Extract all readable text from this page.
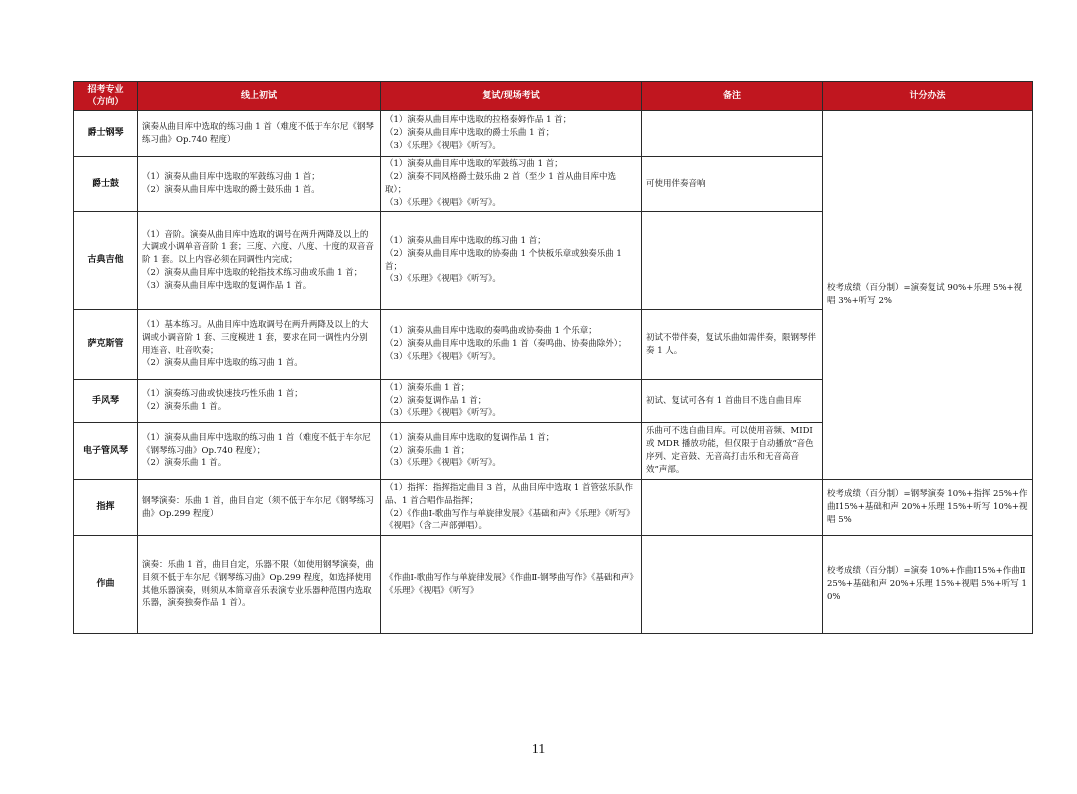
招考专业
（方向）	线上初试	复试/现场考试	备注	计分办法
爵士钢琴	演奏从曲目库中选取的练习曲 1 首（难度不低于车尔尼《钢琴练习曲》Op.740 程度）	（1）演奏从曲目库中选取的拉格泰姆作品 1 首；
（2）演奏从曲目库中选取的爵士乐曲 1 首；
（3）《乐理》《视唱》《听写》。		校考成绩（百分制）=演奏复试 90%+乐理 5%+视唱 3%+听写 2%
爵士鼓	（1）演奏从曲目库中选取的军鼓练习曲 1 首；
（2）演奏从曲目库中选取的爵士鼓乐曲 1 首。	（1）演奏从曲目库中选取的军鼓练习曲 1 首；
（2）演奏不同风格爵士鼓乐曲 2 首（至少 1 首从曲目库中选取）；
（3）《乐理》《视唱》《听写》。	可使用伴奏音响	
古典吉他	（1）音阶。演奏从曲目库中选取的调号在两升两降及以上的大调或小调单音音阶 1 套；三度、六度、八度、十度的双音音阶 1 套。以上内容必须在同调性内完成；
（2）演奏从曲目库中选取的轮指技术练习曲或乐曲 1 首；
（3）演奏从曲目库中选取的复调作品 1 首。	（1）演奏从曲目库中选取的练习曲 1 首；
（2）演奏从曲目库中选取的协奏曲 1 个快板乐章或独奏乐曲 1 首；
（3）《乐理》《视唱》《听写》。		
萨克斯管	（1）基本练习。从曲目库中选取调号在两升两降及以上的大调或小调音阶 1 套、三度模进 1 套，要求在同一调性内分别用连音、吐音吹奏；
（2）演奏从曲目库中选取的练习曲 1 首。	（1）演奏从曲目库中选取的奏鸣曲或协奏曲 1 个乐章；
（2）演奏从曲目库中选取的乐曲 1 首（奏鸣曲、协奏曲除外）；
（3）《乐理》《视唱》《听写》。	初试不带伴奏，复试乐曲如需伴奏，限钢琴伴奏 1 人。	
手风琴	（1）演奏练习曲或快速技巧性乐曲 1 首；
（2）演奏乐曲 1 首。	（1）演奏乐曲 1 首；
（2）演奏复调作品 1 首；
（3）《乐理》《视唱》《听写》。	初试、复试可各有 1 首曲目不选自曲目库	
电子管风琴	（1）演奏从曲目库中选取的练习曲 1 首（难度不低于车尔尼《钢琴练习曲》Op.740 程度）；
（2）演奏乐曲 1 首。	（1）演奏从曲目库中选取的复调作品 1 首；
（2）演奏乐曲 1 首；
（3）《乐理》《视唱》《听写》。	乐曲可不选自曲目库。可以使用音频、MIDI 或 MDR 播放功能，但仅限于自动播放“音色序列、定音鼓、无音高打击乐和无音高音效”声部。	
指挥	钢琴演奏：乐曲 1 首，曲目自定（须不低于车尔尼《钢琴练习曲》Op.299 程度）	（1）指挥：指挥指定曲目 3 首，从曲目库中选取 1 首管弦乐队作品、1 首合唱作品指挥；
（2）《作曲Ⅰ-歌曲写作与单旋律发展》《基础和声》《乐理》《听写》《视唱》（含二声部弹唱）。		校考成绩（百分制）=钢琴演奏 10%+指挥 25%+作曲Ⅰ15%+基础和声 20%+乐理 15%+听写 10%+视唱 5%
作曲	演奏：乐曲 1 首，曲目自定，乐器不限（如使用钢琴演奏，曲目须不低于车尔尼《钢琴练习曲》Op.299 程度，如选择使用其他乐器演奏，则须从本简章音乐表演专业乐器种范围内选取乐器，演奏独奏作品 1 首）。	《作曲Ⅰ-歌曲写作与单旋律发展》《作曲Ⅱ-钢琴曲写作》《基础和声》《乐理》《视唱》《听写》		校考成绩（百分制）=演奏 10%+作曲Ⅰ15%+作曲Ⅱ25%+基础和声 20%+乐理 15%+视唱 5%+听写 10%
11
